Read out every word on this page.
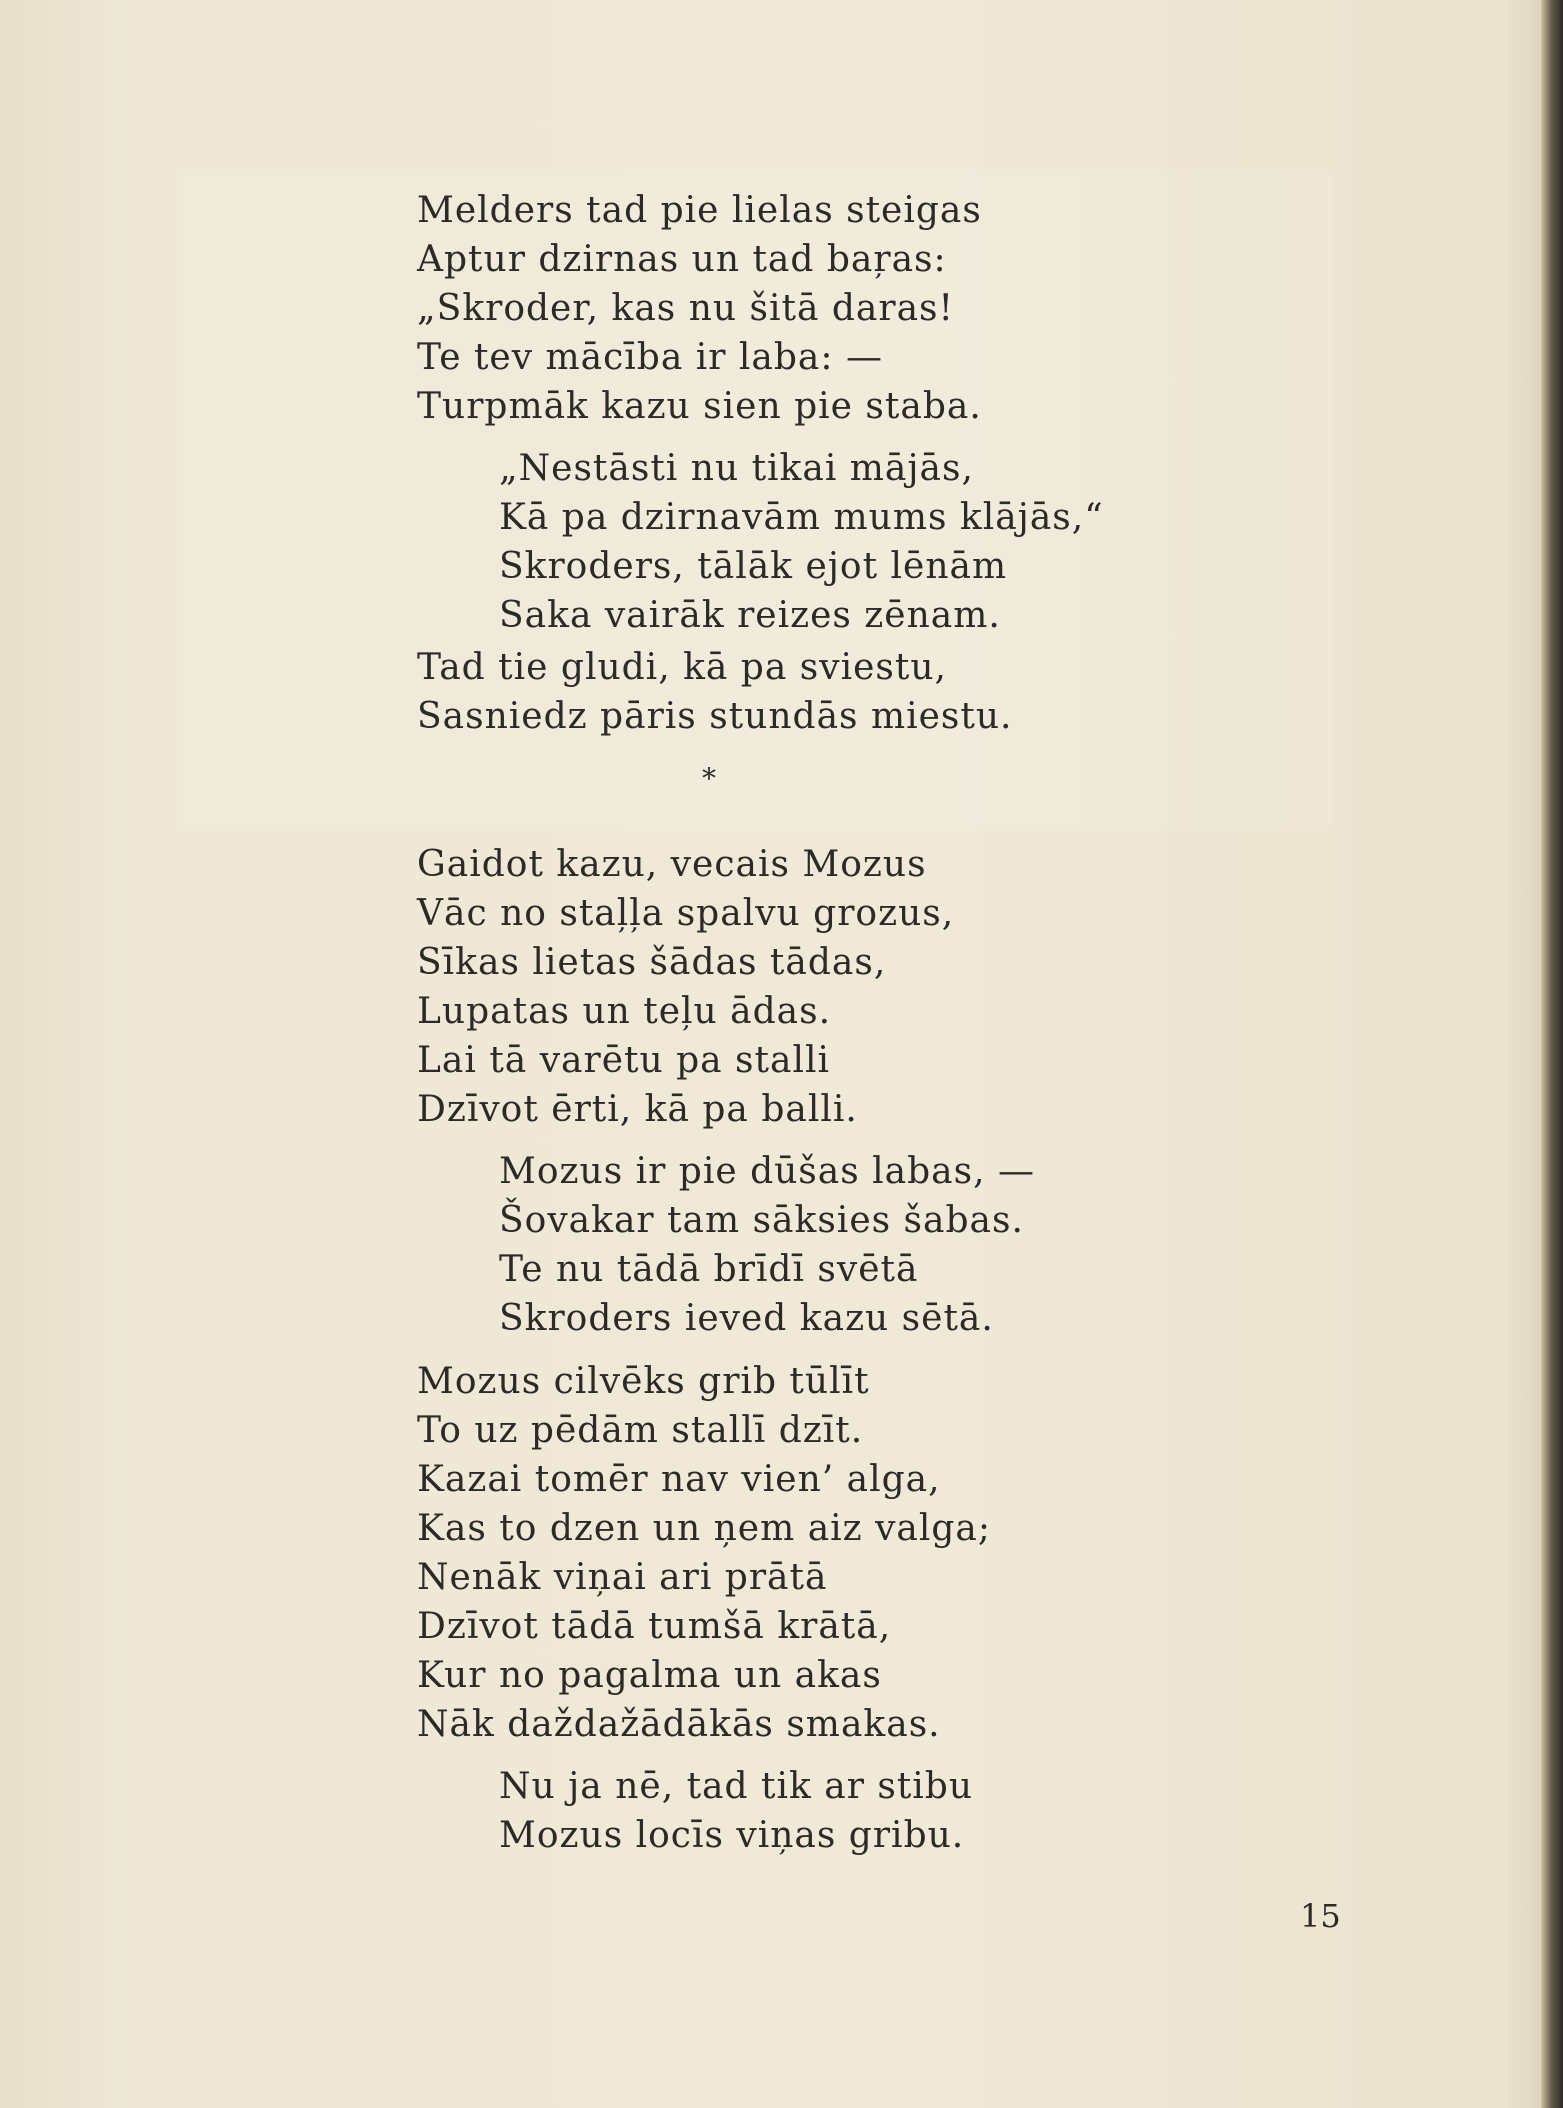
Melders tad pie lielas steigas
Aptur dzirnas un tad baŗas:
„Skroder, kas nu šitā daras!
Te tev mācība ir laba: —
Turpmāk kazu sien pie staba.
„Nestāsti nu tikai mājās,
Kā pa dzirnavām mums klājās,“
Skroders, tālāk ejot lēnām
Saka vairāk reizes zēnam.
Tad tie gludi, kā pa sviestu,
Sasniedz pāris stundās miestu.
*
Gaidot kazu, vecais Mozus
Vāc no staļļa spalvu grozus,
Sīkas lietas šādas tādas,
Lupatas un teļu ādas.
Lai tā varētu pa stalli
Dzīvot ērti, kā pa balli.
Mozus ir pie dūšas labas, —
Šovakar tam sāksies šabas.
Te nu tādā brīdī svētā
Skroders ieved kazu sētā.
Mozus cilvēks grib tūlīt
To uz pēdām stallī dzīt.
Kazai tomēr nav vien’ alga,
Kas to dzen un ņem aiz valga;
Nenāk viņai ari prātā
Dzīvot tādā tumšā krātā,
Kur no pagalma un akas
Nāk daždažādākās smakas.
Nu ja nē, tad tik ar stibu
Mozus locīs viņas gribu.
15
